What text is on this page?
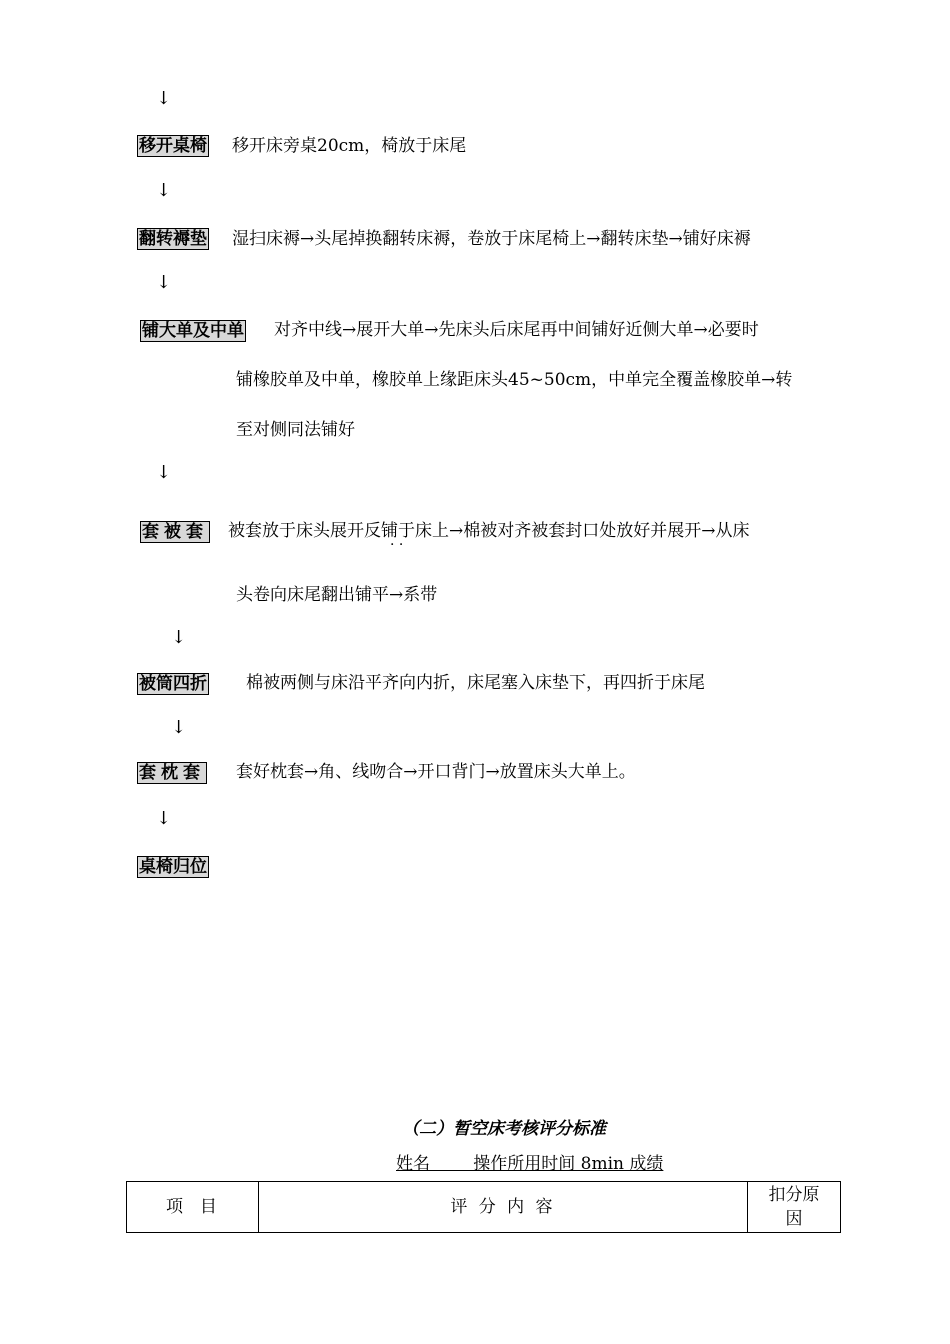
↓
↓
↓
↓
↓
↓
↓
移开桌椅 移开床旁桌20cm，椅放于床尾
翻转褥垫 湿扫床褥→头尾掉换翻转床褥，卷放于床尾椅上→翻转床垫→铺好床褥
铺大单及中单 对齐中线→展开大单→先床头后床尾再中间铺好近侧大单→必要时
铺橡胶单及中单，橡胶单上缘距床头45~50cm，中单完全覆盖橡胶单→转
至对侧同法铺好
套被套 被套放于床头展开反铺于床上→棉被对齐被套封口处放好并展开→从床
· ·
头卷向床尾翻出铺平→系带
被筒四折 棉被两侧与床沿平齐向内折，床尾塞入床垫下，再四折于床尾
套枕套 套好枕套→角、线吻合→开口背门→放置床头大单上。
桌椅归位
（二）暂空床考核评分标准
姓名        操作所用时间 8min 成绩
项  目	评 分 内 容	扣分原因
